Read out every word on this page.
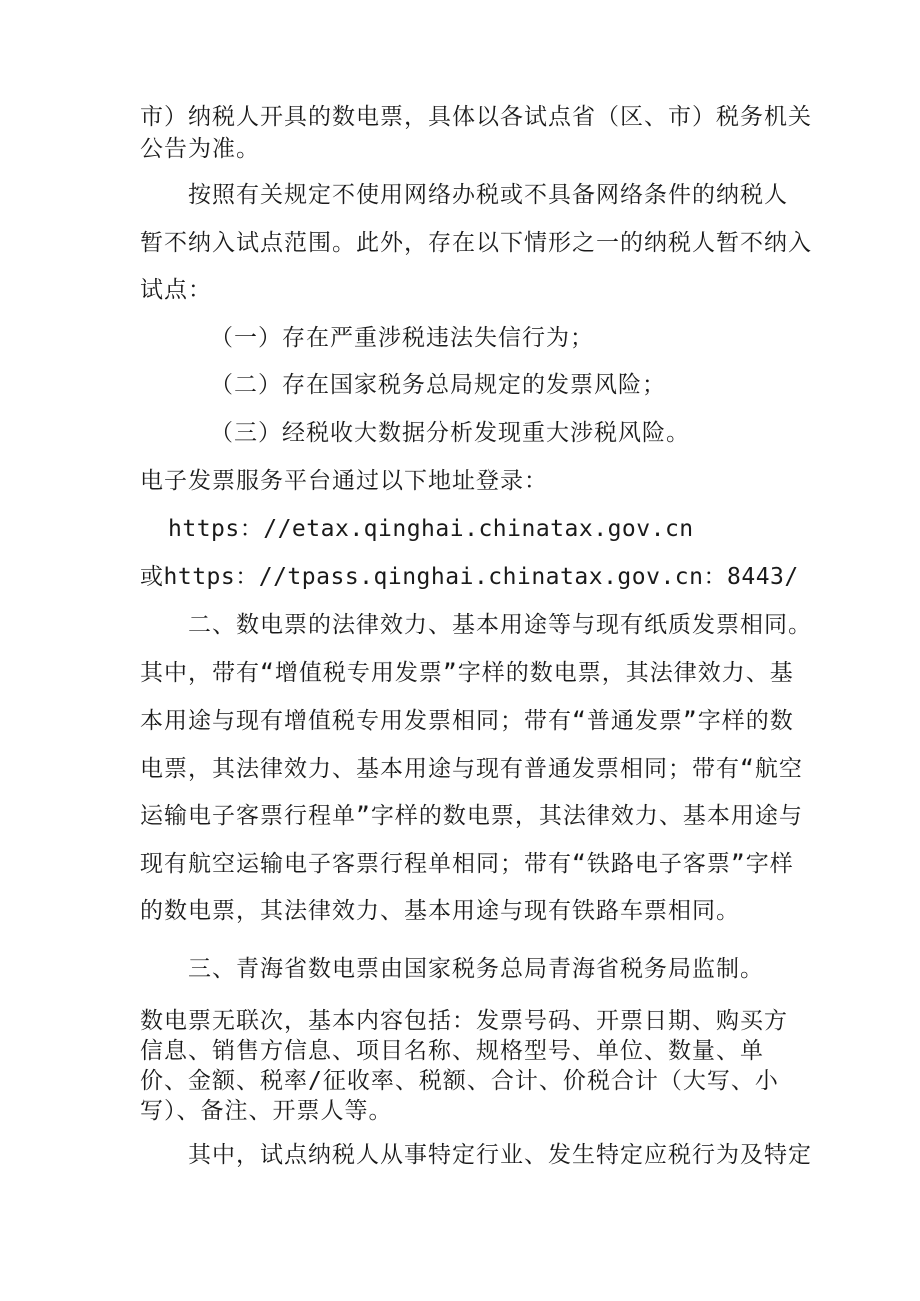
市）纳税人开具的数电票，具体以各试点省（区、市）税务机关
公告为准。
按照有关规定不使用网络办税或不具备网络条件的纳税人
暂不纳入试点范围。此外，存在以下情形之一的纳税人暂不纳入
试点：
（一）存在严重涉税违法失信行为；
（二）存在国家税务总局规定的发票风险；
（三）经税收大数据分析发现重大涉税风险。
电子发票服务平台通过以下地址登录：
https：//etax.qinghai.chinatax.gov.cn
或https：//tpass.qinghai.chinatax.gov.cn：8443/
二、数电票的法律效力、基本用途等与现有纸质发票相同。
其中，带有“增值税专用发票”字样的数电票，其法律效力、基
本用途与现有增值税专用发票相同；带有“普通发票”字样的数
电票，其法律效力、基本用途与现有普通发票相同；带有“航空
运输电子客票行程单”字样的数电票，其法律效力、基本用途与
现有航空运输电子客票行程单相同；带有“铁路电子客票”字样
的数电票，其法律效力、基本用途与现有铁路车票相同。
三、青海省数电票由国家税务总局青海省税务局监制。
数电票无联次，基本内容包括：发票号码、开票日期、购买方
信息、销售方信息、项目名称、规格型号、单位、数量、单
价、金额、税率/征收率、税额、合计、价税合计（大写、小
写）、备注、开票人等。
其中，试点纳税人从事特定行业、发生特定应税行为及特定
